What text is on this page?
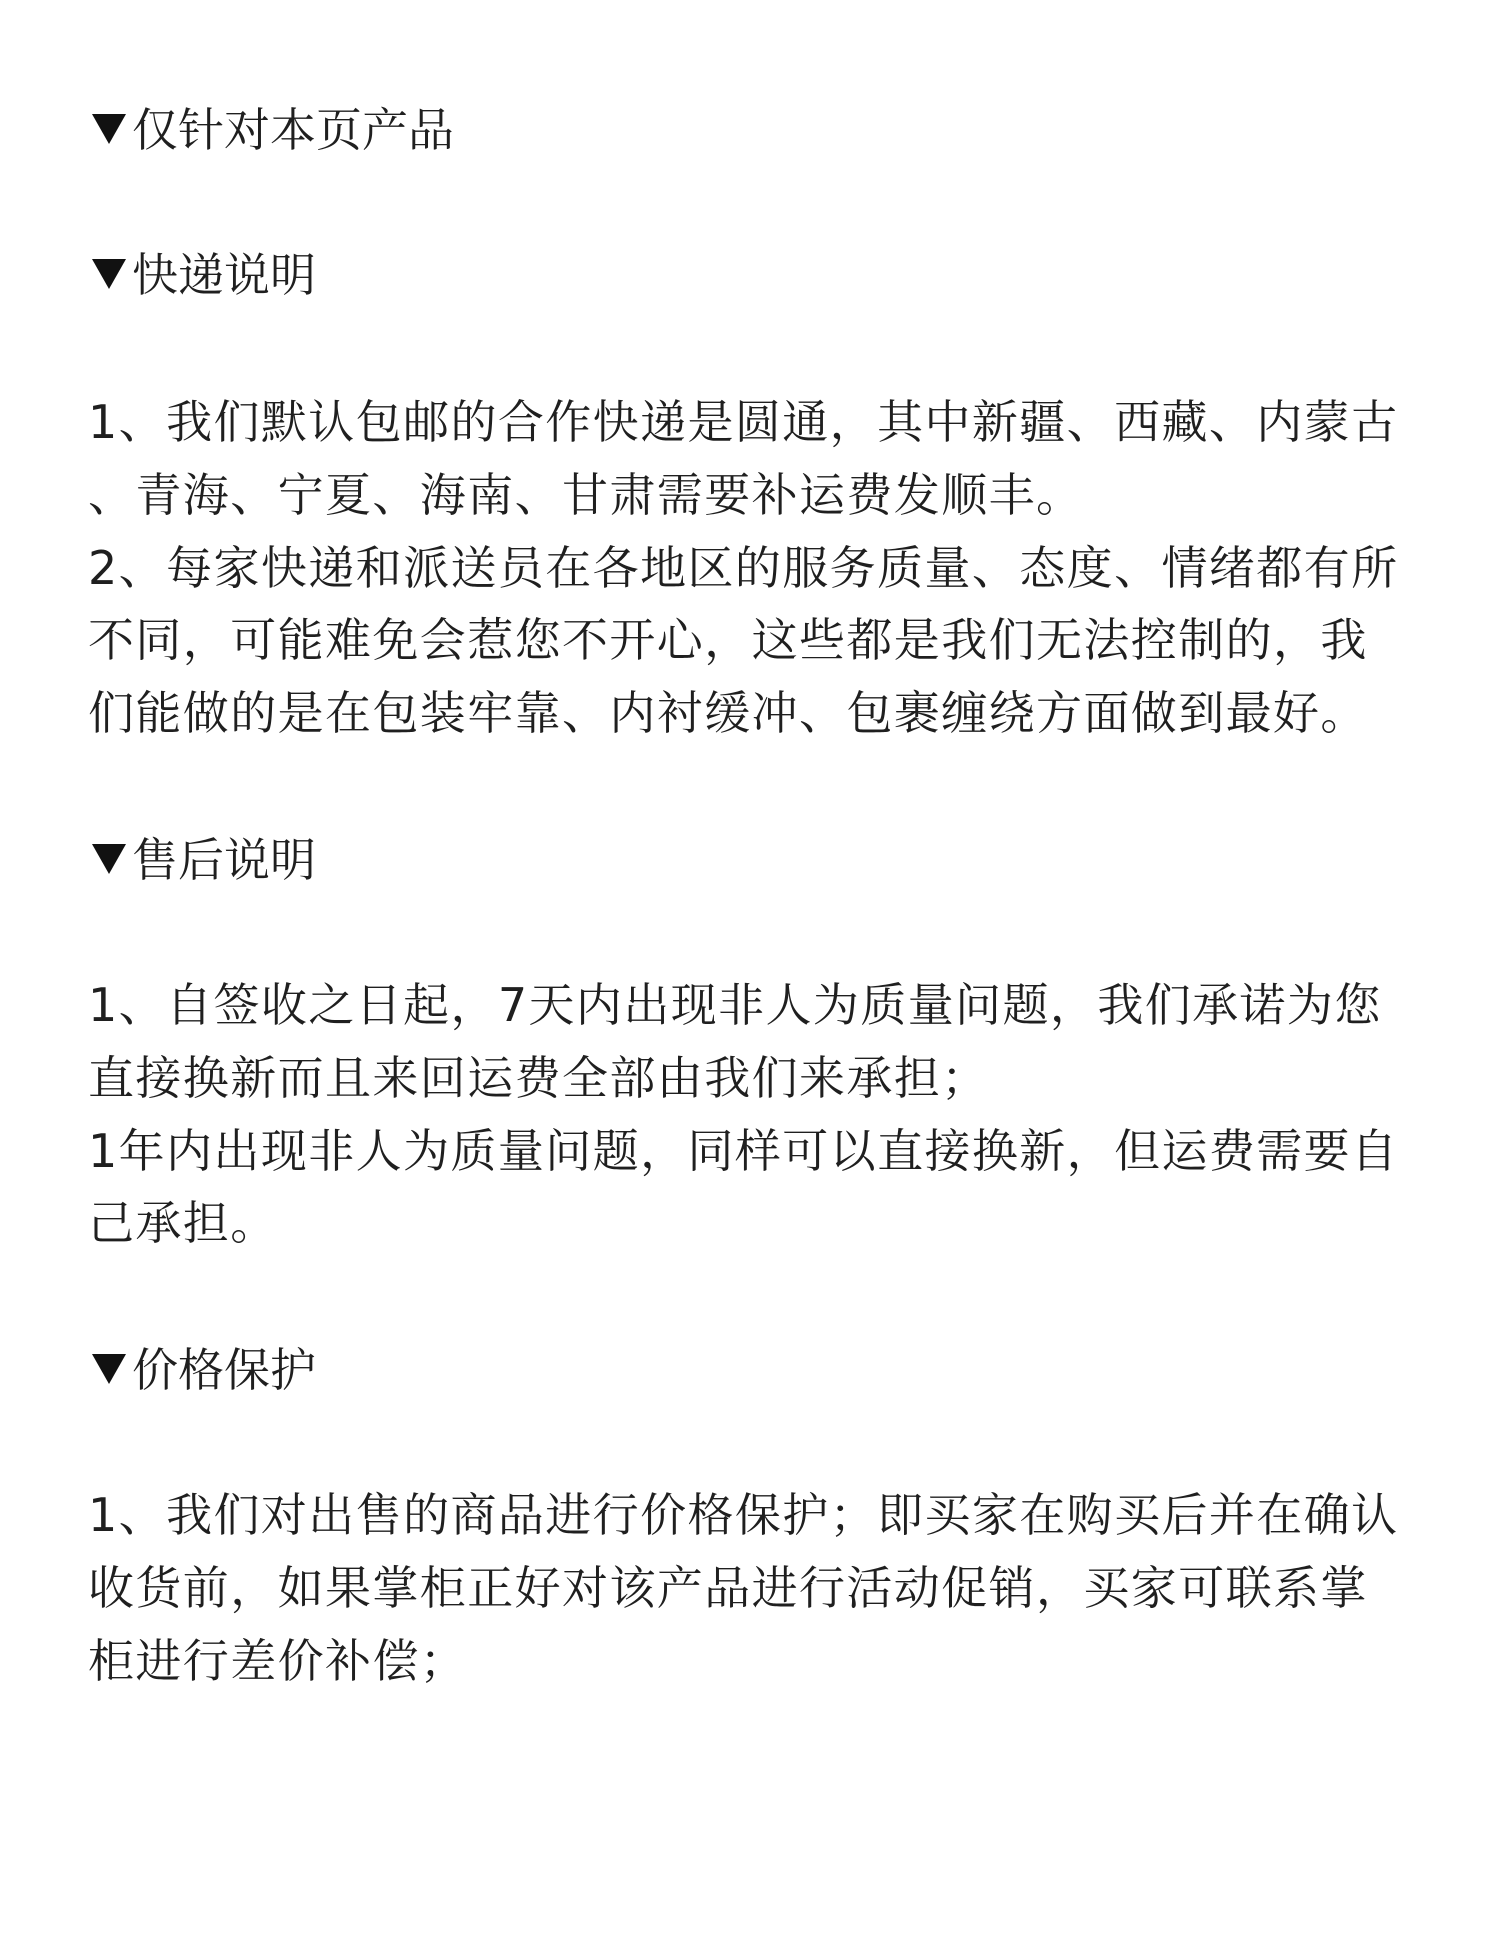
仅针对本页产品
快递说明
1、我们默认包邮的合作快递是圆通，其中新疆、西藏、内蒙古
、青海、宁夏、海南、甘肃需要补运费发顺丰。
2、每家快递和派送员在各地区的服务质量、态度、情绪都有所
不同，可能难免会惹您不开心，这些都是我们无法控制的，我
们能做的是在包装牢靠、内衬缓冲、包裹缠绕方面做到最好。
售后说明
1、自签收之日起，7天内出现非人为质量问题，我们承诺为您
直接换新而且来回运费全部由我们来承担；
1年内出现非人为质量问题，同样可以直接换新，但运费需要自
己承担。
价格保护
1、我们对出售的商品进行价格保护；即买家在购买后并在确认
收货前，如果掌柜正好对该产品进行活动促销，买家可联系掌
柜进行差价补偿；
